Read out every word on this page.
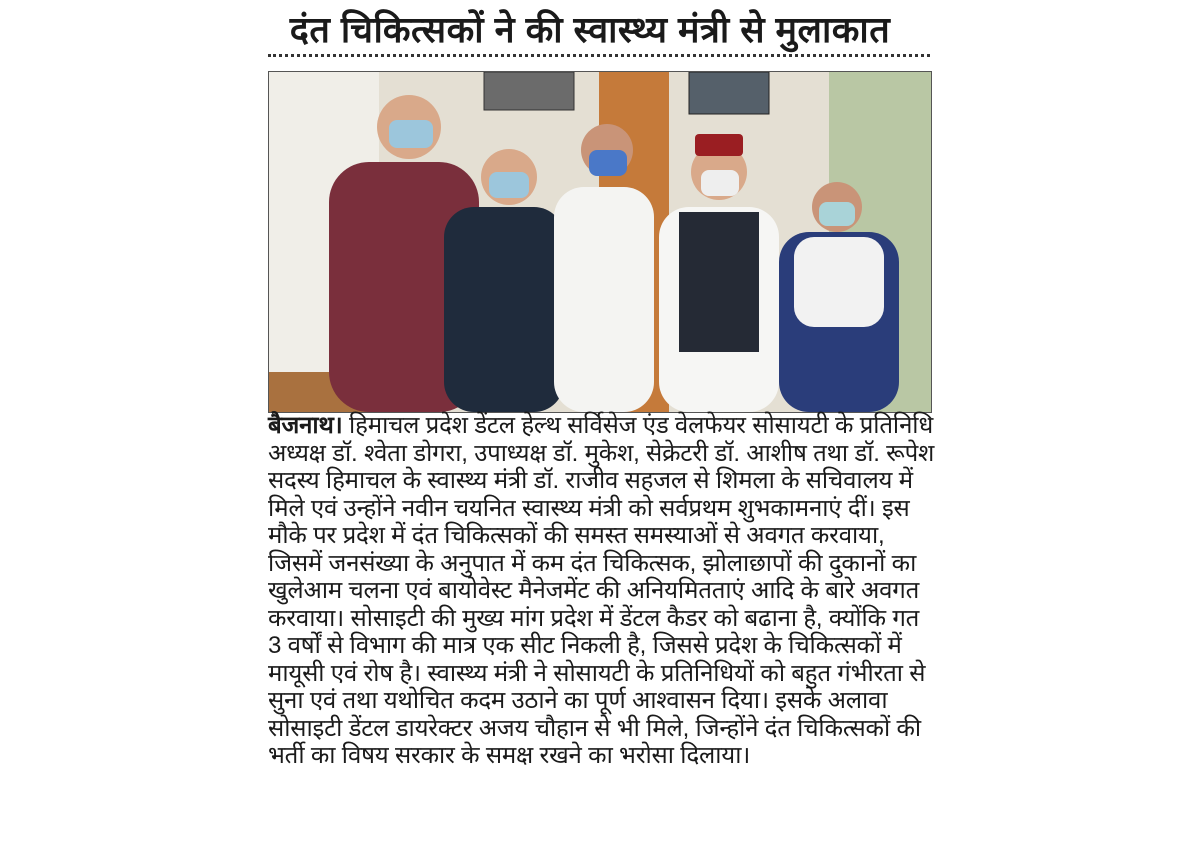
दंत चिकित्सकों ने की स्वास्थ्य मंत्री से मुलाकात
बैजनाथ। हिमाचल प्रदेश डेंटल हेल्थ सर्विसेज एंड वेलफेयर सोसायटी के प्रतिनिधि
अध्यक्ष डॉ. श्वेता डोगरा, उपाध्यक्ष डॉ. मुकेश, सेक्रेटरी डॉ. आशीष तथा डॉ. रूपेश
सदस्य हिमाचल के स्वास्थ्य मंत्री डॉ. राजीव सहजल से शिमला के सचिवालय में
मिले एवं उन्होंने नवीन चयनित स्वास्थ्य मंत्री को सर्वप्रथम शुभकामनाएं दीं। इस
मौके पर प्रदेश में दंत चिकित्सकों की समस्त समस्याओं से अवगत करवाया,
जिसमें जनसंख्या के अनुपात में कम दंत चिकित्सक, झोलाछापों की दुकानों का
खुलेआम चलना एवं बायोवेस्ट मैनेजमेंट की अनियमितताएं आदि के बारे अवगत
करवाया। सोसाइटी की मुख्य मांग प्रदेश में डेंटल कैडर को बढाना है, क्योंकि गत
3 वर्षों से विभाग की मात्र एक सीट निकली है, जिससे प्रदेश के चिकित्सकों में
मायूसी एवं रोष है। स्वास्थ्य मंत्री ने सोसायटी के प्रतिनिधियों को बहुत गंभीरता से
सुना एवं तथा यथोचित कदम उठाने का पूर्ण आश्वासन दिया। इसके अलावा
सोसाइटी डेंटल डायरेक्टर अजय चौहान से भी मिले, जिन्होंने दंत चिकित्सकों की
भर्ती का विषय सरकार के समक्ष रखने का भरोसा दिलाया।
